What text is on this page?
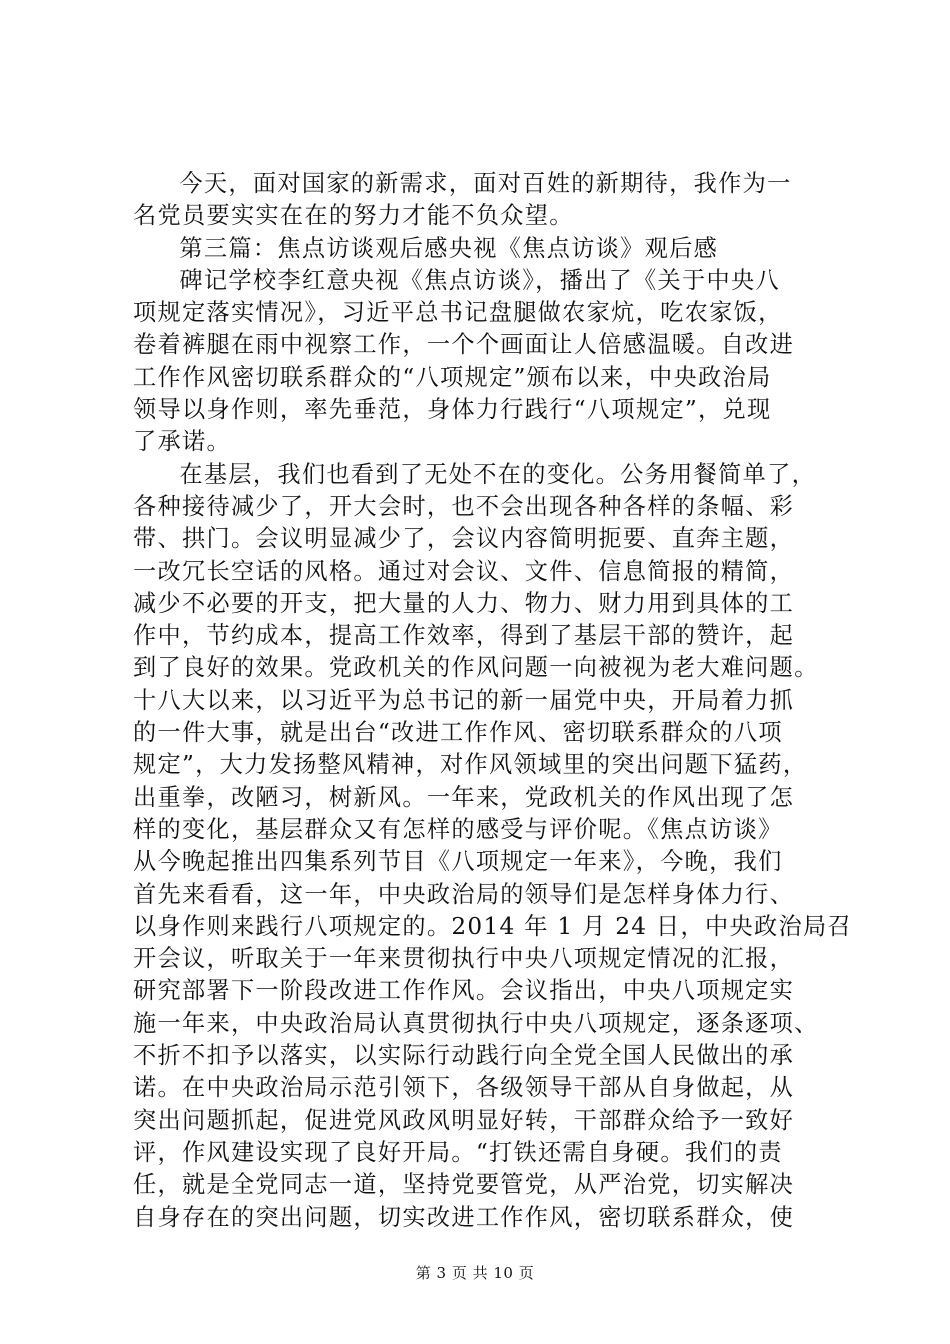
今天，面对国家的新需求，面对百姓的新期待，我作为一
名党员要实实在在的努力才能不负众望。
第三篇：焦点访谈观后感央视《焦点访谈》观后感
碑记学校李红意央视《焦点访谈》，播出了《关于中央八
项规定落实情况》，习近平总书记盘腿做农家炕，吃农家饭，
卷着裤腿在雨中视察工作，一个个画面让人倍感温暖。自改进
工作作风密切联系群众的“八项规定”颁布以来，中央政治局
领导以身作则，率先垂范，身体力行践行“八项规定”，兑现
了承诺。
在基层，我们也看到了无处不在的变化。公务用餐简单了，
各种接待减少了，开大会时，也不会出现各种各样的条幅、彩
带、拱门。会议明显减少了，会议内容简明扼要、直奔主题，
一改冗长空话的风格。通过对会议、文件、信息简报的精简，
减少不必要的开支，把大量的人力、物力、财力用到具体的工
作中，节约成本，提高工作效率，得到了基层干部的赞许，起
到了良好的效果。党政机关的作风问题一向被视为老大难问题。
十八大以来，以习近平为总书记的新一届党中央，开局着力抓
的一件大事，就是出台“改进工作作风、密切联系群众的八项
规定”，大力发扬整风精神，对作风领域里的突出问题下猛药，
出重拳，改陋习，树新风。一年来，党政机关的作风出现了怎
样的变化，基层群众又有怎样的感受与评价呢。《焦点访谈》
从今晚起推出四集系列节目《八项规定一年来》，今晚，我们
首先来看看，这一年，中央政治局的领导们是怎样身体力行、
以身作则来践行八项规定的。2014 年 1 月 24 日，中央政治局召
开会议，听取关于一年来贯彻执行中央八项规定情况的汇报，
研究部署下一阶段改进工作作风。会议指出，中央八项规定实
施一年来，中央政治局认真贯彻执行中央八项规定，逐条逐项、
不折不扣予以落实，以实际行动践行向全党全国人民做出的承
诺。在中央政治局示范引领下，各级领导干部从自身做起，从
突出问题抓起，促进党风政风明显好转，干部群众给予一致好
评，作风建设实现了良好开局。“打铁还需自身硬。我们的责
任，就是全党同志一道，坚持党要管党，从严治党，切实解决
自身存在的突出问题，切实改进工作作风，密切联系群众，使
第 3 页 共 10 页
